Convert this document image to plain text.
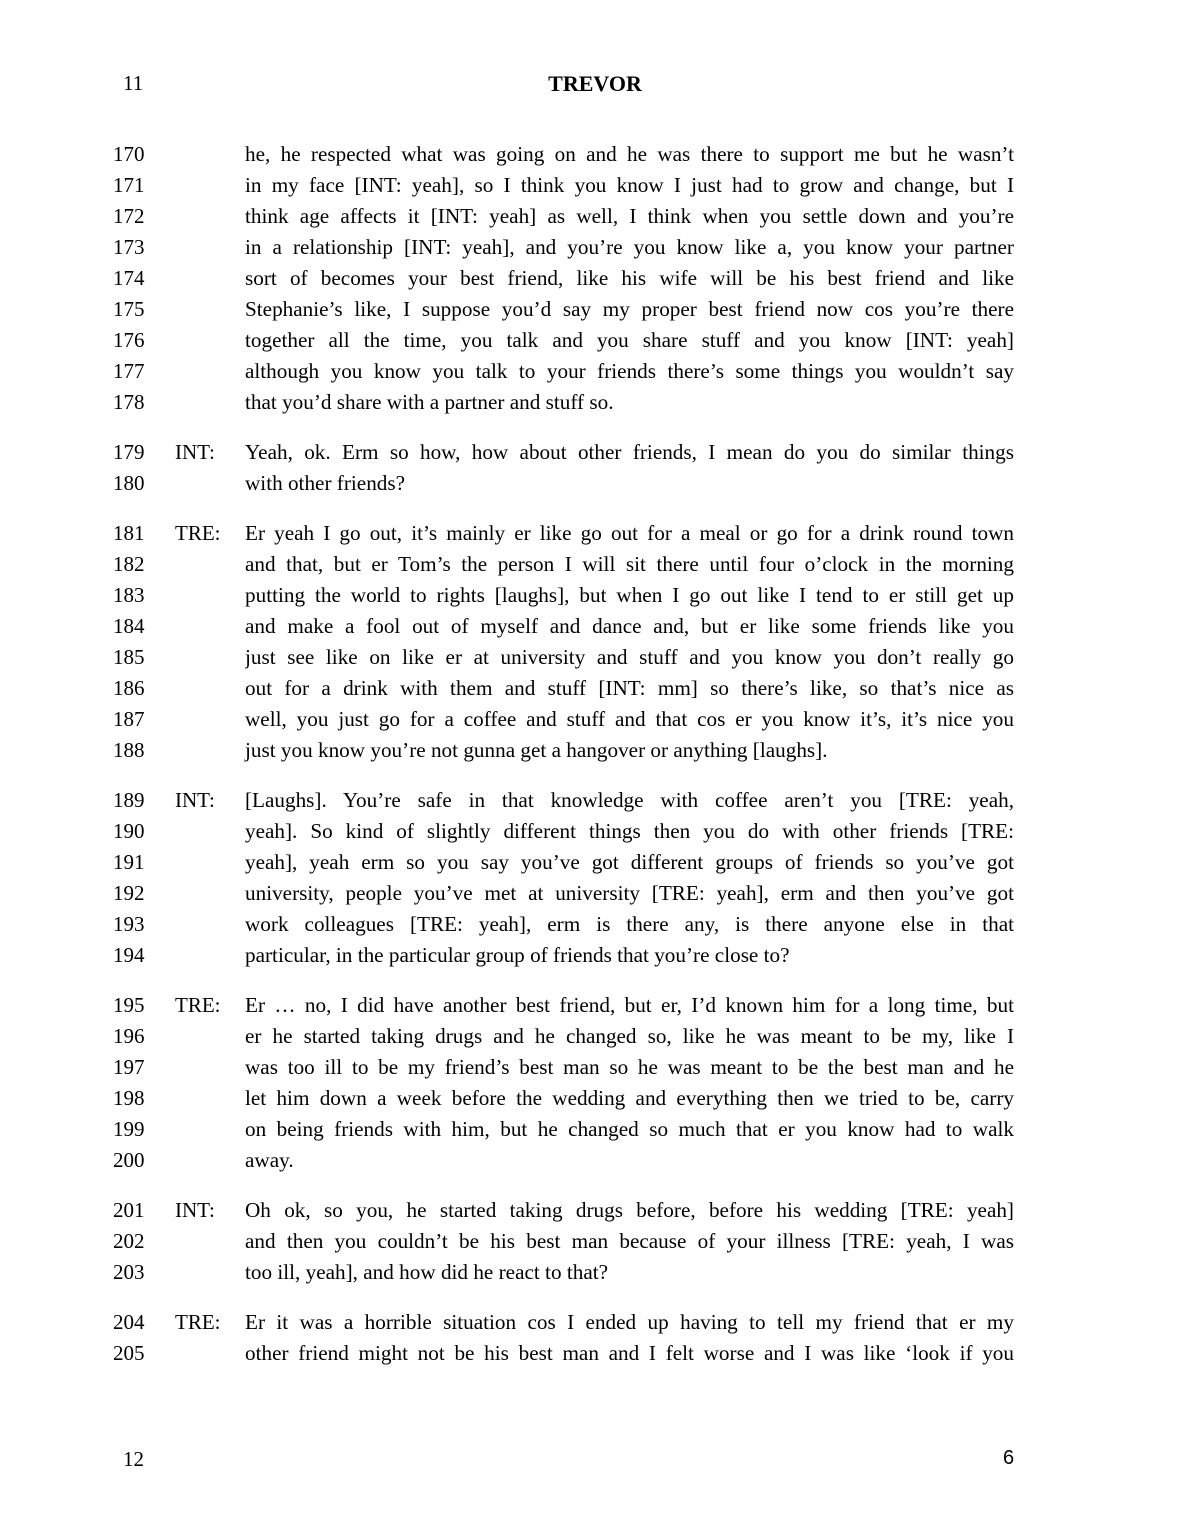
11	TREVOR
170
171
172
173
174
175
176
177
178
he, he respected what was going on and he was there to support me but he wasn’t
in my face [INT: yeah], so I think you know I just had to grow and change, but I
think age affects it [INT: yeah] as well, I think when you settle down and you’re
in a relationship [INT: yeah], and you’re you know like a, you know your partner
sort of becomes your best friend, like his wife will be his best friend and like
Stephanie’s like, I suppose you’d say my proper best friend now cos you’re there
together all the time, you talk and you share stuff and you know [INT: yeah]
although you know you talk to your friends there’s some things you wouldn’t say
that you’d share with a partner and stuff so.
179
180
INT: Yeah, ok. Erm so how, how about other friends, I mean do you do similar things
with other friends?
181
182
183
184
185
186
187
188
TRE: Er yeah I go out, it’s mainly er like go out for a meal or go for a drink round town
and that, but er Tom’s the person I will sit there until four o’clock in the morning
putting the world to rights [laughs], but when I go out like I tend to er still get up
and make a fool out of myself and dance and, but er like some friends like you
just see like on like er at university and stuff and you know you don’t really go
out for a drink with them and stuff [INT: mm] so there’s like, so that’s nice as
well, you just go for a coffee and stuff and that cos er you know it’s, it’s nice you
just you know you’re not gunna get a hangover or anything [laughs].
189
190
191
192
193
194
INT: [Laughs]. You’re safe in that knowledge with coffee aren’t you [TRE: yeah,
yeah]. So kind of slightly different things then you do with other friends [TRE:
yeah], yeah erm so you say you’ve got different groups of friends so you’ve got
university, people you’ve met at university [TRE: yeah], erm and then you’ve got
work colleagues [TRE: yeah], erm is there any, is there anyone else in that
particular, in the particular group of friends that you’re close to?
195
196
197
198
199
200
TRE: Er … no, I did have another best friend, but er, I’d known him for a long time, but
er he started taking drugs and he changed so, like he was meant to be my, like I
was too ill to be my friend’s best man so he was meant to be the best man and he
let him down a week before the wedding and everything then we tried to be, carry
on being friends with him, but he changed so much that er you know had to walk
away.
201
202
203
INT: Oh ok, so you, he started taking drugs before, before his wedding [TRE: yeah]
and then you couldn’t be his best man because of your illness [TRE: yeah, I was
too ill, yeah], and how did he react to that?
204
205
TRE: Er it was a horrible situation cos I ended up having to tell my friend that er my
other friend might not be his best man and I felt worse and I was like ‘look if you
12	6
